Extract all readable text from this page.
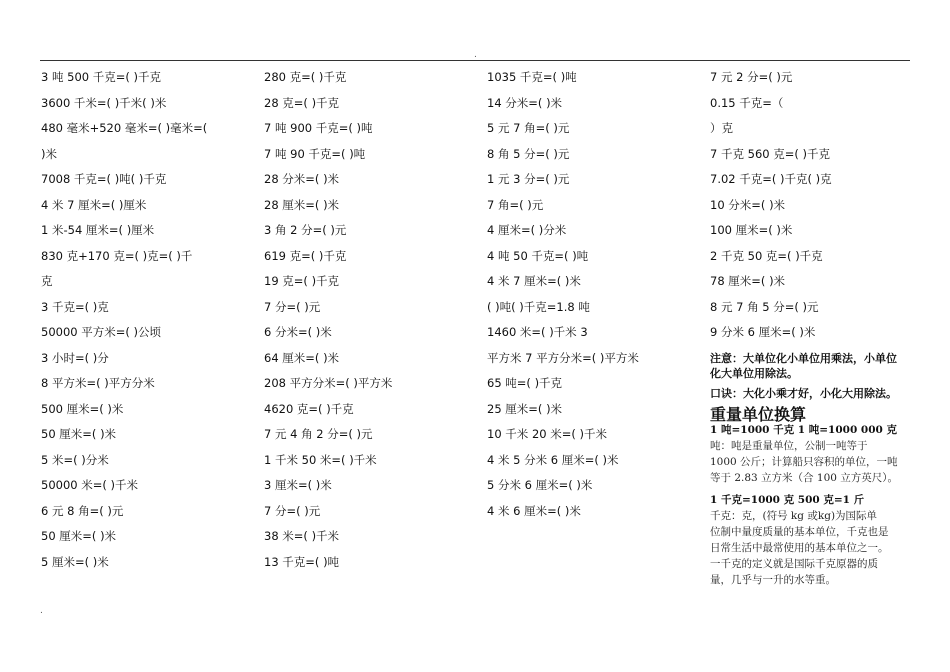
.
3 吨 500 千克=( )千克
3600 千米=( )千米( )米
480 毫米+520 毫米=( )毫米=(
)米
7008 千克=( )吨( )千克
4 米 7 厘米=( )厘米
1 米-54 厘米=( )厘米
830 克+170 克=( )克=( )千
克
3 千克=( )克
50000 平方米=( )公顷
3 小时=( )分
8 平方米=( )平方分米
500 厘米=( )米
50 厘米=( )米
5 米=( )分米
50000 米=( )千米
6 元 8 角=( )元
50 厘米=( )米
5 厘米=( )米
280 克=( )千克
28 克=( )千克
7 吨 900 千克=( )吨
7 吨 90 千克=( )吨
28 分米=( )米
28 厘米=( )米
3 角 2 分=( )元
619 克=( )千克
19 克=( )千克
7 分=( )元
6 分米=( )米
64 厘米=( )米
208 平方分米=( )平方米
4620 克=( )千克
7 元 4 角 2 分=( )元
1 千米 50 米=( )千米
3 厘米=( )米
7 分=( )元
38 米=( )千米
13 千克=( )吨
1035 千克=( )吨
14 分米=( )米
5 元 7 角=( )元
8 角 5 分=( )元
1 元 3 分=( )元
7 角=( )元
4 厘米=( )分米
4 吨 50 千克=( )吨
4 米 7 厘米=( )米
( )吨( )千克=1.8 吨
1460 米=( )千米 3
平方米 7 平方分米=( )平方米
65 吨=( )千克
25 厘米=( )米
10 千米 20 米=( )千米
4 米 5 分米 6 厘米=( )米
5 分米 6 厘米=( )米
4 米 6 厘米=( )米
7 元 2 分=( )元
0.15 千克=（
）克
7 千克 560 克=( )千克
7.02 千克=( )千克( )克
10 分米=( )米
100 厘米=( )米
2 千克 50 克=( )千克
78 厘米=( )米
8 元 7 角 5 分=( )元
9 分米 6 厘米=( )米
注意：大单位化小单位用乘法，小单位
化大单位用除法。
口诀：大化小乘才好，小化大用除法。
重量单位换算
1 吨=1000 千克 1 吨=1000 000 克
吨：吨是重量单位，公制一吨等于
1000 公斤；计算船只容积的单位，一吨
等于 2.83 立方米（合 100 立方英尺）。
1 千克=1000 克 500 克=1 斤
千克：克，(符号 kg 或kg)为国际单
位制中量度质量的基本单位，千克也是
日常生活中最常使用的基本单位之一。
一千克的定义就是国际千克原器的质
量，几乎与一升的水等重。
.
